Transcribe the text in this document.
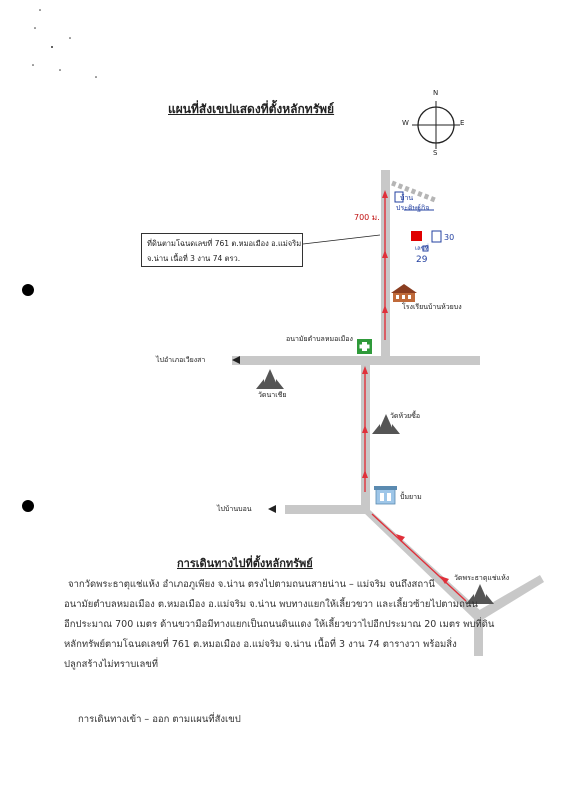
แผนที่สังเขปแสดงที่ตั้งหลักทรัพย์
N
S
E
W
ที่ดินตามโฉนดเลขที่ 761 ต.หมอเมือง อ.แม่จริม
จ.น่าน เนื้อที่ 3 งาน 74 ตรว.
700 ม.
โรงเรียนบ้านห้วยบง
อนามัยตำบลหมอเมือง
ไปอำเภอเวียงสา
วัดนาเชีย
วัดห้วยซื้อ
ปั้มยาม
ไปบ้านบอน
วัดพระธาตุแช่แห้ง
บ้าน
ประดิษฐ์กิจ
30
เลขที่
29
การเดินทางไปที่ตั้งหลักทรัพย์
จากวัดพระธาตุแช่แห้ง อำเภอภูเพียง จ.น่าน ตรงไปตามถนนสายน่าน – แม่จริม จนถึงสถานี
อนามัยตำบลหมอเมือง ต.หมอเมือง อ.แม่จริม จ.น่าน พบทางแยกให้เลี้ยวขวา และเลี้ยวซ้ายไปตามถนน
อีกประมาณ 700 เมตร ด้านขวามือมีทางแยกเป็นถนนดินแดง ให้เลี้ยวขวาไปอีกประมาณ 20 เมตร พบที่ดิน
หลักทรัพย์ตามโฉนดเลขที่ 761 ต.หมอเมือง อ.แม่จริม จ.น่าน เนื้อที่ 3 งาน 74 ตารางวา พร้อมสิ่ง
ปลูกสร้างไม่ทราบเลขที่
การเดินทางเข้า – ออก ตามแผนที่สังเขป
